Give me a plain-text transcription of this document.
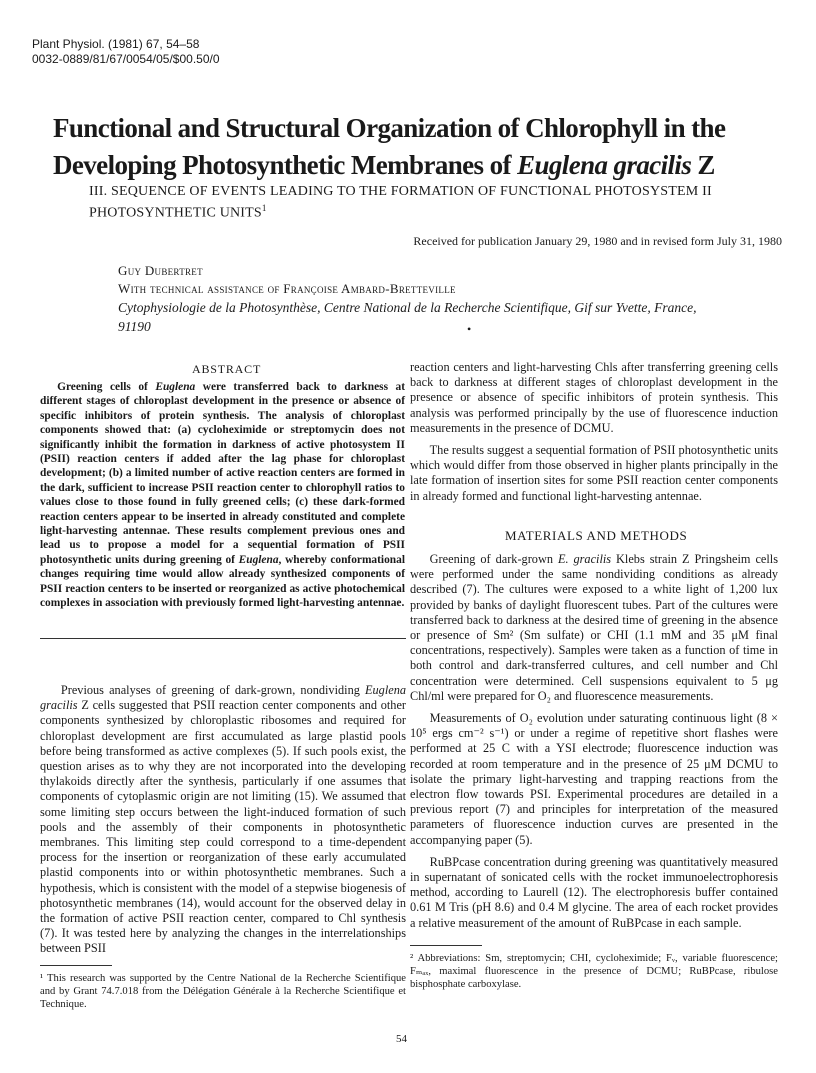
Plant Physiol. (1981) 67, 54–58
0032-0889/81/67/0054/05/$00.50/0
Functional and Structural Organization of Chlorophyll in the
Developing Photosynthetic Membranes of Euglena gracilis Z
III. SEQUENCE OF EVENTS LEADING TO THE FORMATION OF FUNCTIONAL PHOTOSYSTEM II
PHOTOSYNTHETIC UNITS$^1$
Received for publication January 29, 1980 and in revised form July 31, 1980
Guy Dubertret
With technical assistance of Françoise Ambard-Bretteville
Cytophysiologie de la Photosynthèse, Centre National de la Recherche Scientifique, Gif sur Yvette, France,
91190	•
ABSTRACT

Greening cells of Euglena were transferred back to darkness at different stages of chloroplast development in the presence or absence of specific inhibitors of protein synthesis. The analysis of chloroplast components showed that: (a) cycloheximide or streptomycin does not significantly inhibit the formation in darkness of active photosystem II (PSII) reaction centers if added after the lag phase for chloroplast development; (b) a limited number of active reaction centers are formed in the dark, sufficient to increase PSII reaction center to chlorophyll ratios to values close to those found in fully greened cells; (c) these dark-formed reaction centers appear to be inserted in already constituted and complete light-harvesting antennae. These results complement previous ones and lead us to propose a model for a sequential formation of PSII photosynthetic units during greening of Euglena, whereby conformational changes requiring time would allow already synthesized components of PSII reaction centers to be inserted or reorganized as active photochemical complexes in association with previously formed light-harvesting antennae.

Previous analyses of greening of dark-grown, nondividing Euglena gracilis Z cells suggested that PSII reaction center components and other components synthesized by chloroplastic ribosomes and required for chloroplast development are first accumulated as large plastid pools before being transformed as active complexes (5). If such pools exist, the question arises as to why they are not incorporated into the developing thylakoids directly after the synthesis, particularly if one assumes that components of cytoplasmic origin are not limiting (15). We assumed that some limiting step occurs between the light-induced formation of such pools and the assembly of their components in photosynthetic membranes. This limiting step could correspond to a time-dependent process for the insertion or reorganization of these early accumulated plastid components into or within photosynthetic membranes. Such a hypothesis, which is consistent with the model of a stepwise biogenesis of photosynthetic membranes (14), would account for the observed delay in the formation of active PSII reaction center, compared to Chl synthesis (7). It was tested here by analyzing the changes in the interrelationships between PSII

reaction centers and light-harvesting Chls after transferring greening cells back to darkness at different stages of chloroplast development in the presence or absence of specific inhibitors of protein synthesis. This analysis was performed principally by the use of fluorescence induction measurements in the presence of DCMU.

The results suggest a sequential formation of PSII photosynthetic units which would differ from those observed in higher plants principally in the late formation of insertion sites for some PSII reaction center components in already formed and functional light-harvesting antennae.

MATERIALS AND METHODS

Greening of dark-grown E. gracilis Klebs strain Z Pringsheim cells were performed under the same nondividing conditions as already described (7). The cultures were exposed to a white light of 1,200 lux provided by banks of daylight fluorescent tubes. Part of the cultures were transferred back to darkness at the desired time of greening in the absence or presence of Sm² (Sm sulfate) or CHI (1.1 mM and 35 μM final concentrations, respectively). Samples were taken as a function of time in both control and dark-transferred cultures, and cell number and Chl concentration were determined. Cell suspensions equivalent to 5 μg Chl/ml were prepared for O₂ and fluorescence measurements.

Measurements of O₂ evolution under saturating continuous light (8 × 10⁵ ergs cm⁻² s⁻¹) or under a regime of repetitive short flashes were performed at 25 C with a YSI electrode; fluorescence induction was recorded at room temperature and in the presence of 25 μM DCMU to isolate the primary light-harvesting and trapping reactions from the electron flow towards PSI. Experimental procedures are detailed in a previous report (7) and principles for interpretation of the measured parameters of fluorescence induction curves are presented in the accompanying paper (5).

RuBPcase concentration during greening was quantitatively measured in supernatant of sonicated cells with the rocket immunoelectrophoresis method, according to Laurell (12). The electrophoresis buffer contained 0.61 M Tris (pH 8.6) and 0.4 M glycine. The area of each rocket provides a relative measurement of the amount of RuBPcase in each sample.

¹ This research was supported by the Centre National de la Recherche Scientifique and by Grant 74.7.018 from the Délégation Générale à la Recherche Scientifique et Technique.

² Abbreviations: Sm, streptomycin; CHI, cycloheximide; Fᵥ, variable fluorescence; Fₘₐₓ, maximal fluorescence in the presence of DCMU; RuBPcase, ribulose bisphosphate carboxylase.

54
